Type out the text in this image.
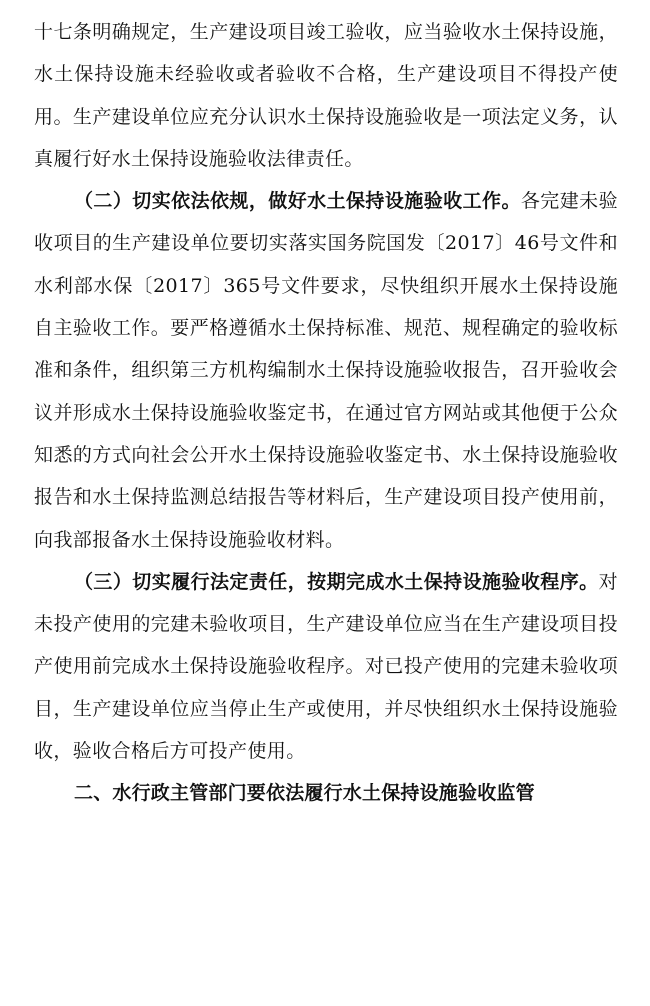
十七条明确规定，生产建设项目竣工验收，应当验收水土保持设施，水土保持设施未经验收或者验收不合格，生产建设项目不得投产使用。生产建设单位应充分认识水土保持设施验收是一项法定义务，认真履行好水土保持设施验收法律责任。

（二）切实依法依规，做好水土保持设施验收工作。各完建未验收项目的生产建设单位要切实落实国务院国发〔2017〕46号文件和水利部水保〔2017〕365号文件要求，尽快组织开展水土保持设施自主验收工作。要严格遵循水土保持标准、规范、规程确定的验收标准和条件，组织第三方机构编制水土保持设施验收报告，召开验收会议并形成水土保持设施验收鉴定书，在通过官方网站或其他便于公众知悉的方式向社会公开水土保持设施验收鉴定书、水土保持设施验收报告和水土保持监测总结报告等材料后，生产建设项目投产使用前，向我部报备水土保持设施验收材料。

（三）切实履行法定责任，按期完成水土保持设施验收程序。对未投产使用的完建未验收项目，生产建设单位应当在生产建设项目投产使用前完成水土保持设施验收程序。对已投产使用的完建未验收项目，生产建设单位应当停止生产或使用，并尽快组织水土保持设施验收，验收合格后方可投产使用。

二、水行政主管部门要依法履行水土保持设施验收监管
